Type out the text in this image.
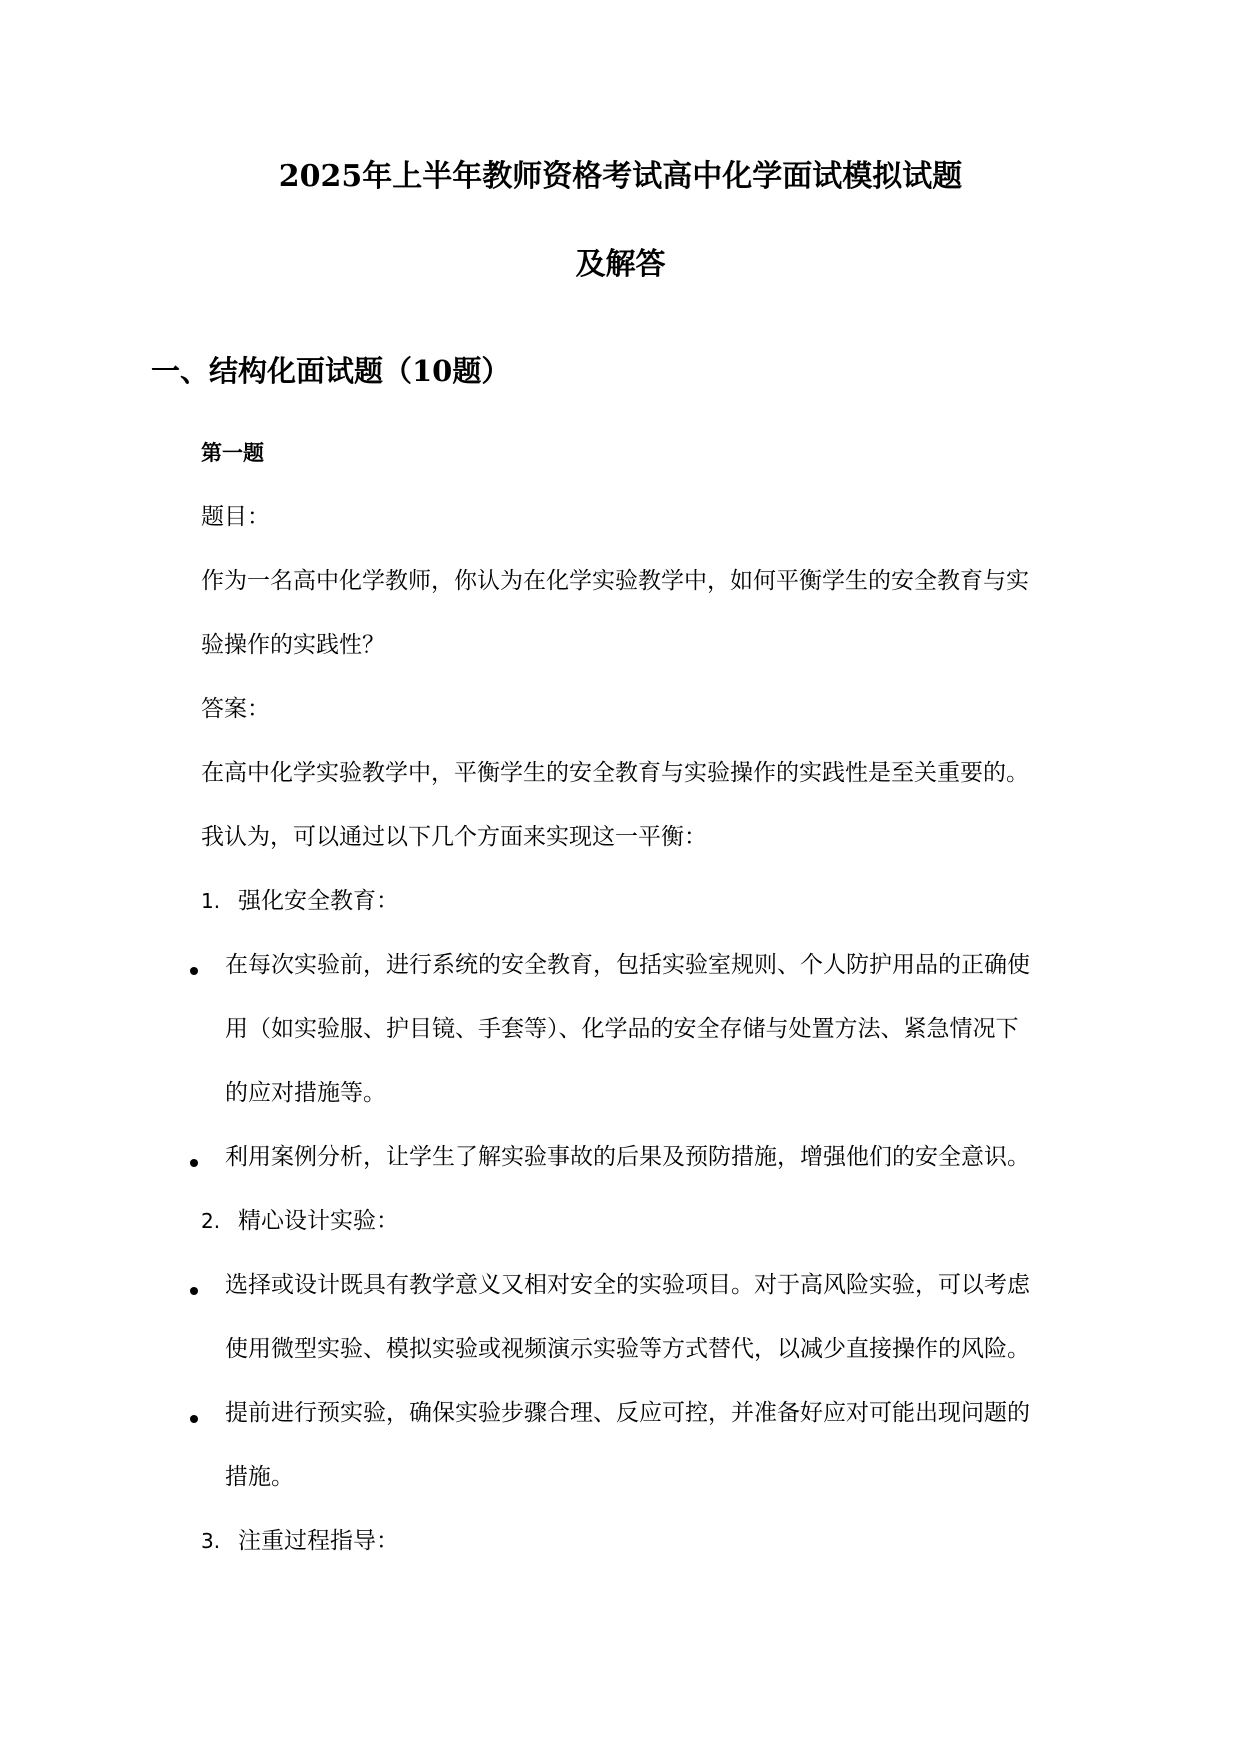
2025年上半年教师资格考试高中化学面试模拟试题
及解答
一、结构化面试题（10题）
第一题

题目：

作为一名高中化学教师，你认为在化学实验教学中，如何平衡学生的安全教育与实

验操作的实践性？

答案：

在高中化学实验教学中，平衡学生的安全教育与实验操作的实践性是至关重要的。

我认为，可以通过以下几个方面来实现这一平衡：

1. 强化安全教育：

在每次实验前，进行系统的安全教育，包括实验室规则、个人防护用品的正确使

用（如实验服、护目镜、手套等）、化学品的安全存储与处置方法、紧急情况下

的应对措施等。

利用案例分析，让学生了解实验事故的后果及预防措施，增强他们的安全意识。

2. 精心设计实验：

选择或设计既具有教学意义又相对安全的实验项目。对于高风险实验，可以考虑

使用微型实验、模拟实验或视频演示实验等方式替代，以减少直接操作的风险。

提前进行预实验，确保实验步骤合理、反应可控，并准备好应对可能出现问题的

措施。

3. 注重过程指导：
